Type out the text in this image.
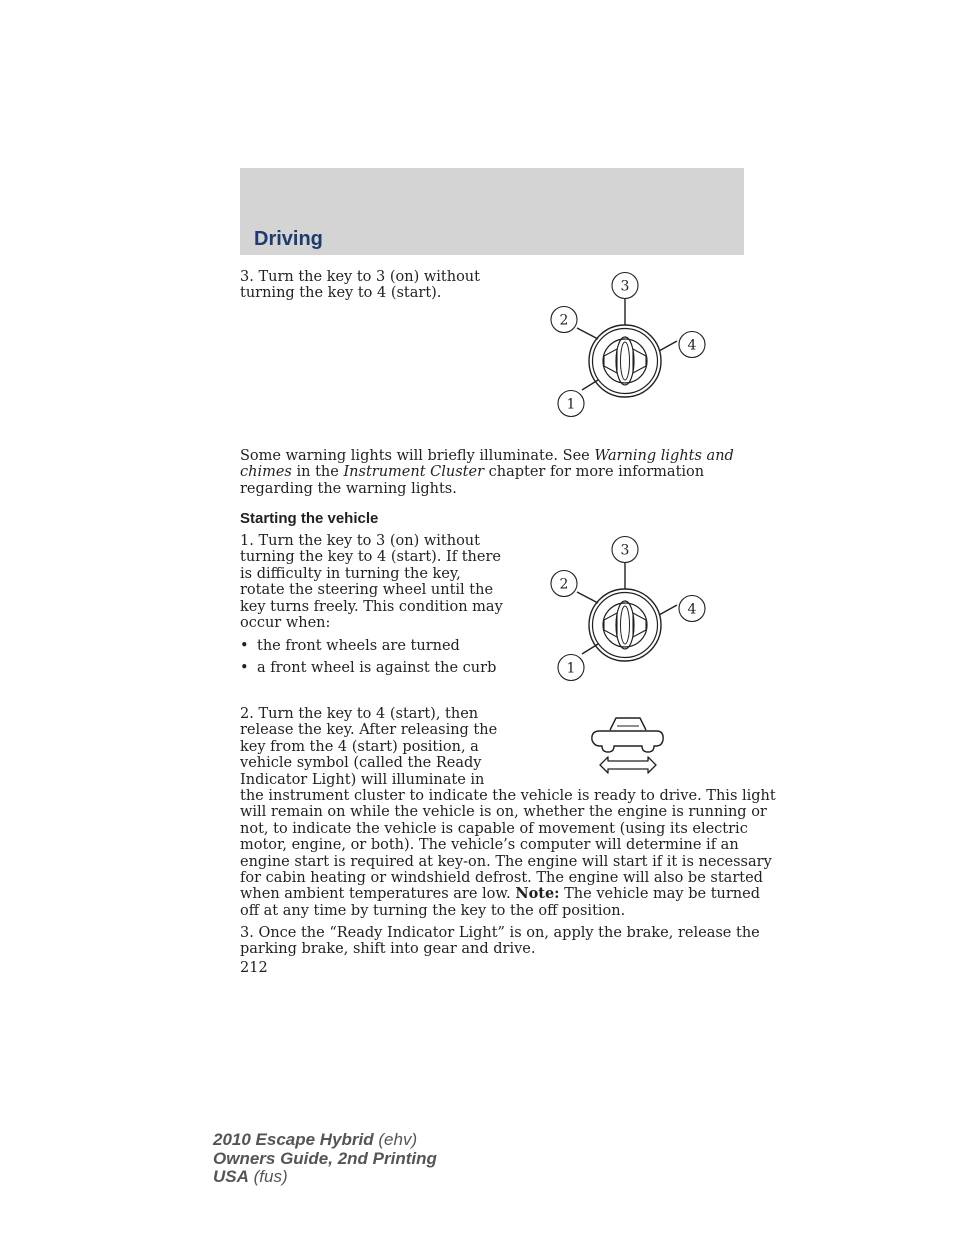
Driving

3. Turn the key to 3 (on) without
turning the key to 4 (start).	3
2
4
1

Some warning lights will briefly illuminate. See Warning lights and
chimes in the Instrument Cluster chapter for more information
regarding the warning lights.

Starting the vehicle

1. Turn the key to 3 (on) without
turning the key to 4 (start). If there
is difficulty in turning the key,
rotate the steering wheel until the
key turns freely. This condition may
occur when:

• the front wheels are turned
• a front wheel is against the curb
3
2
4
1

2. Turn the key to 4 (start), then
release the key. After releasing the
key from the 4 (start) position, a
vehicle symbol (called the Ready
Indicator Light) will illuminate in
the instrument cluster to indicate the vehicle is ready to drive. This light
will remain on while the vehicle is on, whether the engine is running or
not, to indicate the vehicle is capable of movement (using its electric
motor, engine, or both). The vehicle’s computer will determine if an
engine start is required at key-on. The engine will start if it is necessary
for cabin heating or windshield defrost. The engine will also be started
when ambient temperatures are low. Note: The vehicle may be turned
off at any time by turning the key to the off position.

3. Once the “Ready Indicator Light” is on, apply the brake, release the
parking brake, shift into gear and drive.

212
2010 Escape Hybrid (ehv)
Owners Guide, 2nd Printing
USA (fus)
